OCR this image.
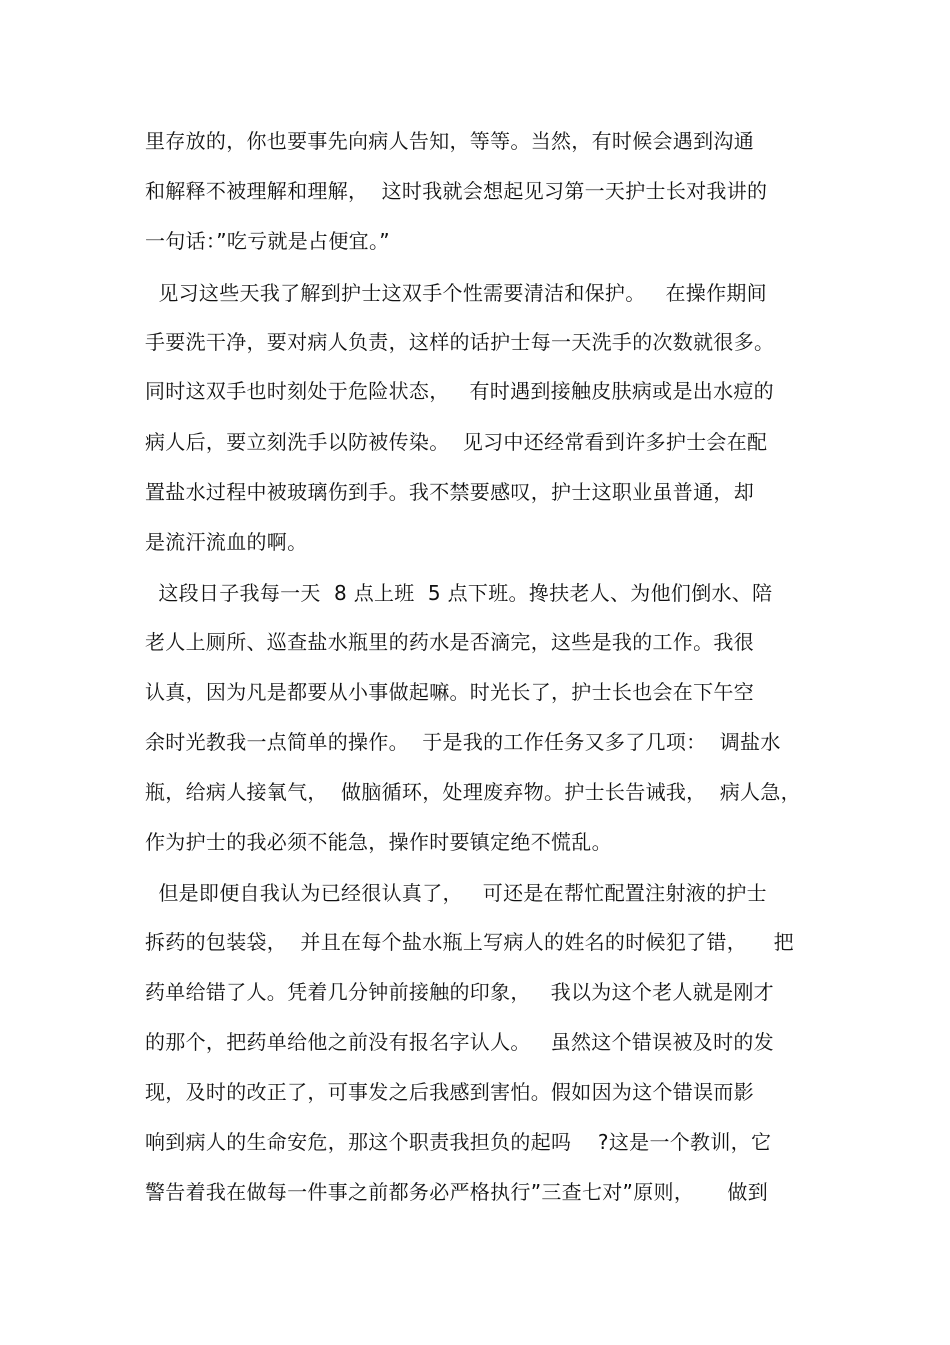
里存放的，你也要事先向病人告知，等等。当然，有时候会遇到沟通

和解释不被理解和理解，  这时我就会想起见习第一天护士长对我讲的

一句话：”吃亏就是占便宜。”

见习这些天我了解到护士这双手个性需要清洁和保护。   在操作期间

手要洗干净，要对病人负责，这样的话护士每一天洗手的次数就很多。

同时这双手也时刻处于危险状态，   有时遇到接触皮肤病或是出水痘的

病人后，要立刻洗手以防被传染。  见习中还经常看到许多护士会在配

置盐水过程中被玻璃伤到手。我不禁要感叹，护士这职业虽普通，却

是流汗流血的啊。

这段日子我每一天  8 点上班  5 点下班。搀扶老人、为他们倒水、陪

老人上厕所、巡查盐水瓶里的药水是否滴完，这些是我的工作。我很

认真，因为凡是都要从小事做起嘛。时光长了，护士长也会在下午空

余时光教我一点简单的操作。  于是我的工作任务又多了几项：  调盐水

瓶，给病人接氧气，  做脑循环，处理废弃物。护士长告诫我，  病人急，

作为护士的我必须不能急，操作时要镇定绝不慌乱。

但是即便自我认为已经很认真了，   可还是在帮忙配置注射液的护士

拆药的包装袋，  并且在每个盐水瓶上写病人的姓名的时候犯了错，    把

药单给错了人。凭着几分钟前接触的印象，   我以为这个老人就是刚才

的那个，把药单给他之前没有报名字认人。   虽然这个错误被及时的发

现，及时的改正了，可事发之后我感到害怕。假如因为这个错误而影

响到病人的生命安危，那这个职责我担负的起吗    ?这是一个教训，它

警告着我在做每一件事之前都务必严格执行”三查七对”原则，     做到
